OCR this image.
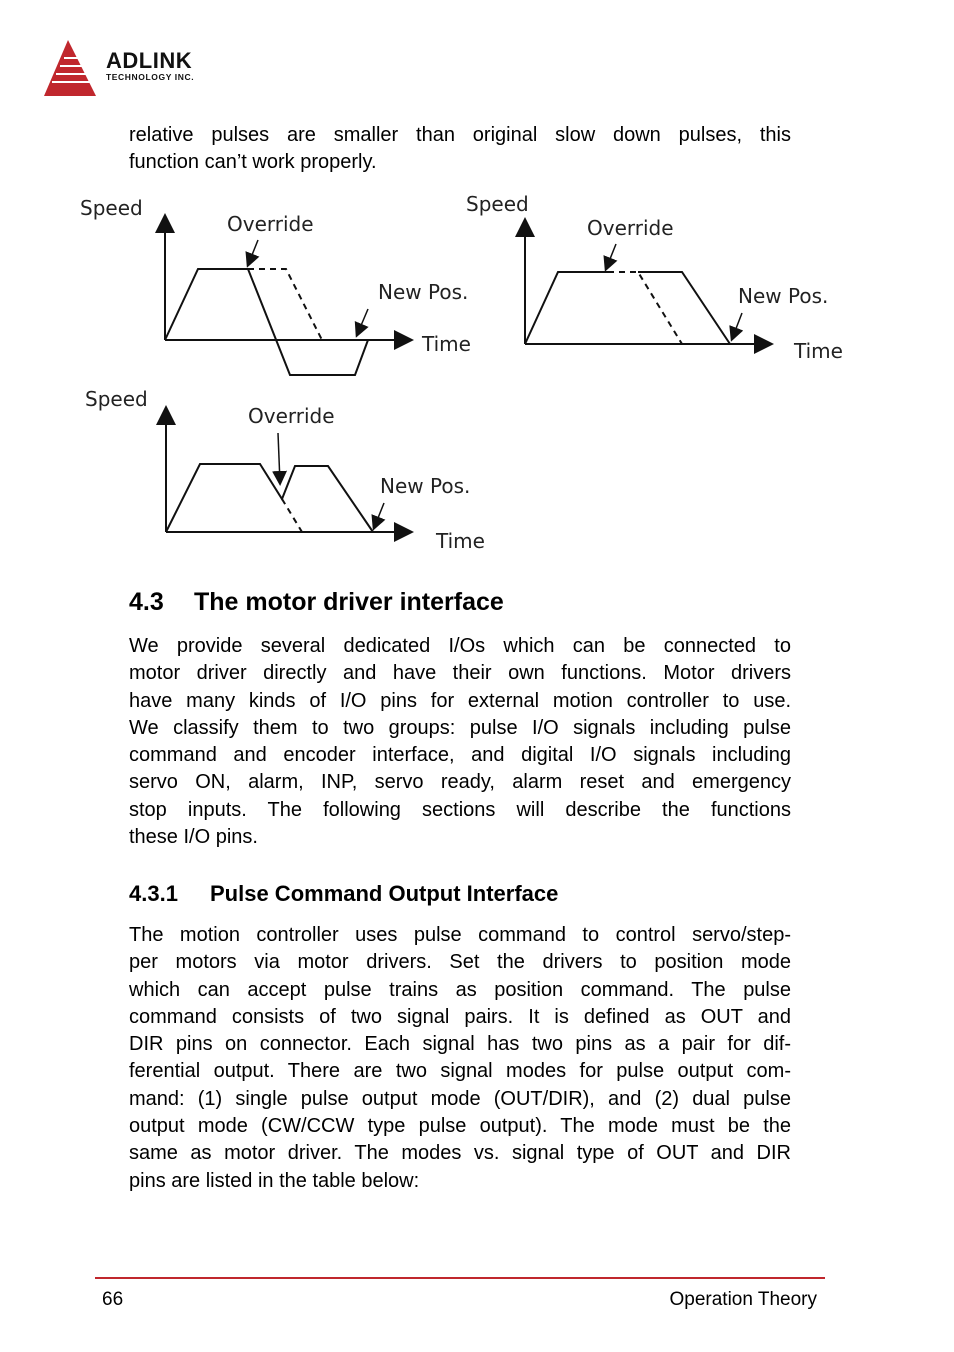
ADLINK
TECHNOLOGY INC.
relative pulses are smaller than original slow down pulses, this
function can’t work properly.
Speed
Override
New Pos.
Time
Speed
Override
New Pos.
Time
Speed
Override
New Pos.
Time
4.3 The motor driver interface
We provide several dedicated I/Os which can be connected to
motor driver directly and have their own functions. Motor drivers
have many kinds of I/O pins for external motion controller to use.
We classify them to two groups: pulse I/O signals including pulse
command and encoder interface, and digital I/O signals including
servo ON, alarm, INP, servo ready, alarm reset and emergency
stop inputs. The following sections will describe the functions
these I/O pins.
4.3.1 Pulse Command Output Interface
The motion controller uses pulse command to control servo/step-
per motors via motor drivers. Set the drivers to position mode
which can accept pulse trains as position command. The pulse
command consists of two signal pairs. It is defined as OUT and
DIR pins on connector. Each signal has two pins as a pair for dif-
ferential output. There are two signal modes for pulse output com-
mand: (1) single pulse output mode (OUT/DIR), and (2) dual pulse
output mode (CW/CCW type pulse output). The mode must be the
same as motor driver. The modes vs. signal type of OUT and DIR
pins are listed in the table below:
66	Operation Theory
